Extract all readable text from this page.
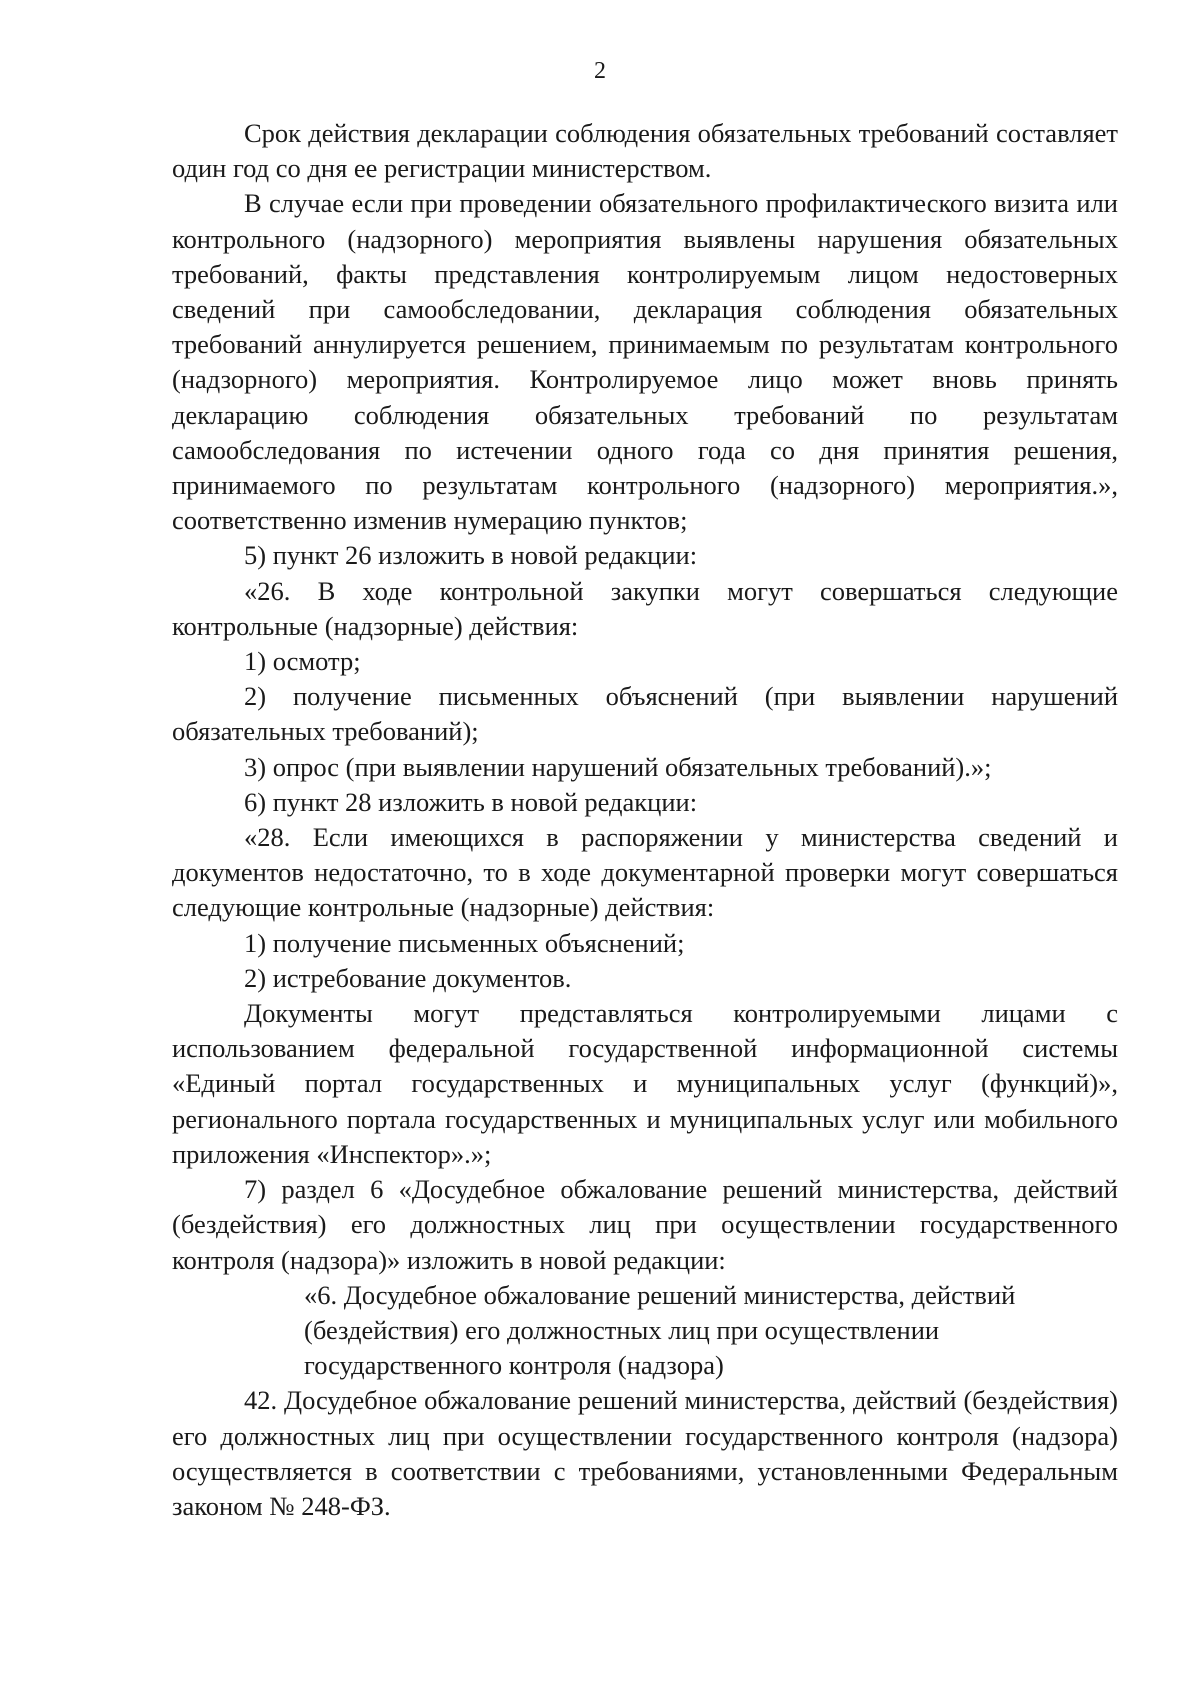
2

Срок действия декларации соблюдения обязательных требований составляет один год со дня ее регистрации министерством.

В случае если при проведении обязательного профилактического визита или контрольного (надзорного) мероприятия выявлены нарушения обязательных требований, факты представления контролируемым лицом недостоверных сведений при самообследовании, декларация соблюдения обязательных требований аннулируется решением, принимаемым по результатам контрольного (надзорного) мероприятия. Контролируемое лицо может вновь принять декларацию соблюдения обязательных требований по результатам самообследования по истечении одного года со дня принятия решения, принимаемого по результатам контрольного (надзорного) мероприятия.», соответственно изменив нумерацию пунктов;

5) пункт 26 изложить в новой редакции:

«26. В ходе контрольной закупки могут совершаться следующие контрольные (надзорные) действия:

1) осмотр;

2) получение письменных объяснений (при выявлении нарушений обязательных требований);

3) опрос (при выявлении нарушений обязательных требований).»;

6) пункт 28 изложить в новой редакции:

«28. Если имеющихся в распоряжении у министерства сведений и документов недостаточно, то в ходе документарной проверки могут совершаться следующие контрольные (надзорные) действия:

1) получение письменных объяснений;

2) истребование документов.

Документы могут представляться контролируемыми лицами с использованием федеральной государственной информационной системы «Единый портал государственных и муниципальных услуг (функций)», регионального портала государственных и муниципальных услуг или мобильного приложения «Инспектор».»;

7) раздел 6 «Досудебное обжалование решений министерства, действий (бездействия) его должностных лиц при осуществлении государственного контроля (надзора)» изложить в новой редакции:

«6. Досудебное обжалование решений министерства, действий
(бездействия) его должностных лиц при осуществлении
государственного контроля (надзора)

42. Досудебное обжалование решений министерства, действий (бездействия) его должностных лиц при осуществлении государственного контроля (надзора) осуществляется в соответствии с требованиями, установленными Федеральным законом № 248-ФЗ.
